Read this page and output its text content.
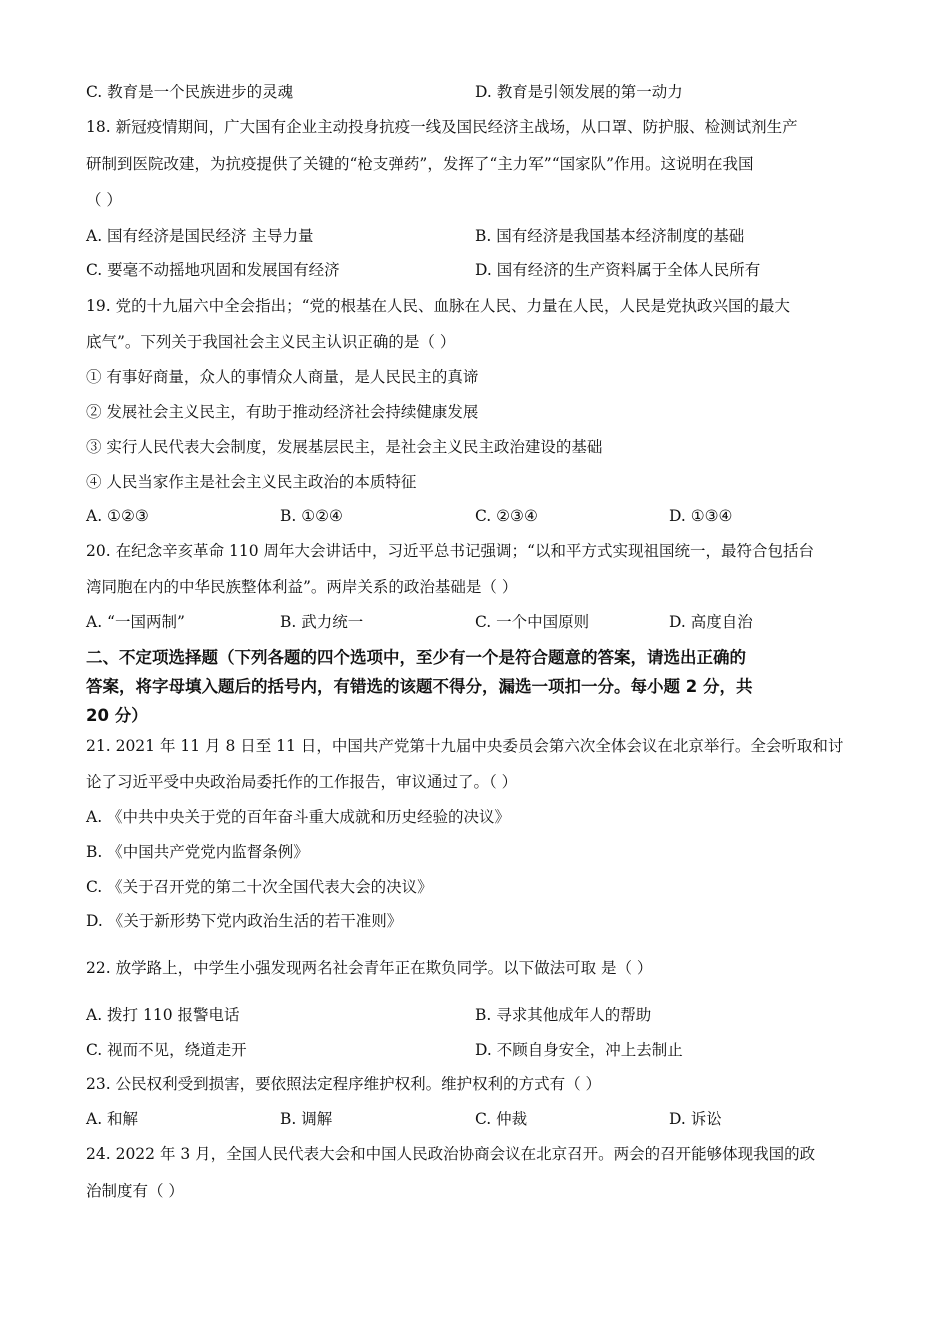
C. 教育是一个民族进步的灵魂	D. 教育是引领发展的第一动力
18. 新冠疫情期间，广大国有企业主动投身抗疫一线及国民经济主战场，从口罩、防护服、检测试剂生产
研制到医院改建，为抗疫提供了关键的“枪支弹药”，发挥了“主力军”“国家队”作用。这说明在我国
（ ）
A. 国有经济是国民经济 主导力量	B. 国有经济是我国基本经济制度的基础
C. 要毫不动摇地巩固和发展国有经济	D. 国有经济的生产资料属于全体人民所有
19. 党的十九届六中全会指出；“党的根基在人民、血脉在人民、力量在人民，人民是党执政兴国的最大
底气”。下列关于我国社会主义民主认识正确的是（ ）
① 有事好商量，众人的事情众人商量，是人民民主的真谛
② 发展社会主义民主，有助于推动经济社会持续健康发展
③ 实行人民代表大会制度，发展基层民主，是社会主义民主政治建设的基础
④ 人民当家作主是社会主义民主政治的本质特征
A. ①②③	B. ①②④	C. ②③④	D. ①③④
20. 在纪念辛亥革命 110 周年大会讲话中，习近平总书记强调；“以和平方式实现祖国统一，最符合包括台
湾同胞在内的中华民族整体利益”。两岸关系的政治基础是（ ）
A. “一国两制”	B. 武力统一	C. 一个中国原则	D. 高度自治
二、不定项选择题（下列各题的四个选项中，至少有一个是符合题意的答案，请选出正确的
答案，将字母填入题后的括号内，有错选的该题不得分，漏选一项扣一分。每小题 2 分，共
20 分）
21. 2021 年 11 月 8 日至 11 日，中国共产党第十九届中央委员会第六次全体会议在北京举行。全会听取和讨
论了习近平受中央政治局委托作的工作报告，审议通过了。（ ）
A. 《中共中央关于党的百年奋斗重大成就和历史经验的决议》
B. 《中国共产党党内监督条例》
C. 《关于召开党的第二十次全国代表大会的决议》
D. 《关于新形势下党内政治生活的若干准则》
22. 放学路上，中学生小强发现两名社会青年正在欺负同学。以下做法可取 是（ ）
A. 拨打 110 报警电话	B. 寻求其他成年人的帮助
C. 视而不见，绕道走开	D. 不顾自身安全，冲上去制止
23. 公民权利受到损害，要依照法定程序维护权利。维护权利的方式有（ ）
A. 和解	B. 调解	C. 仲裁	D. 诉讼
24. 2022 年 3 月，全国人民代表大会和中国人民政治协商会议在北京召开。两会的召开能够体现我国的政
治制度有（ ）
